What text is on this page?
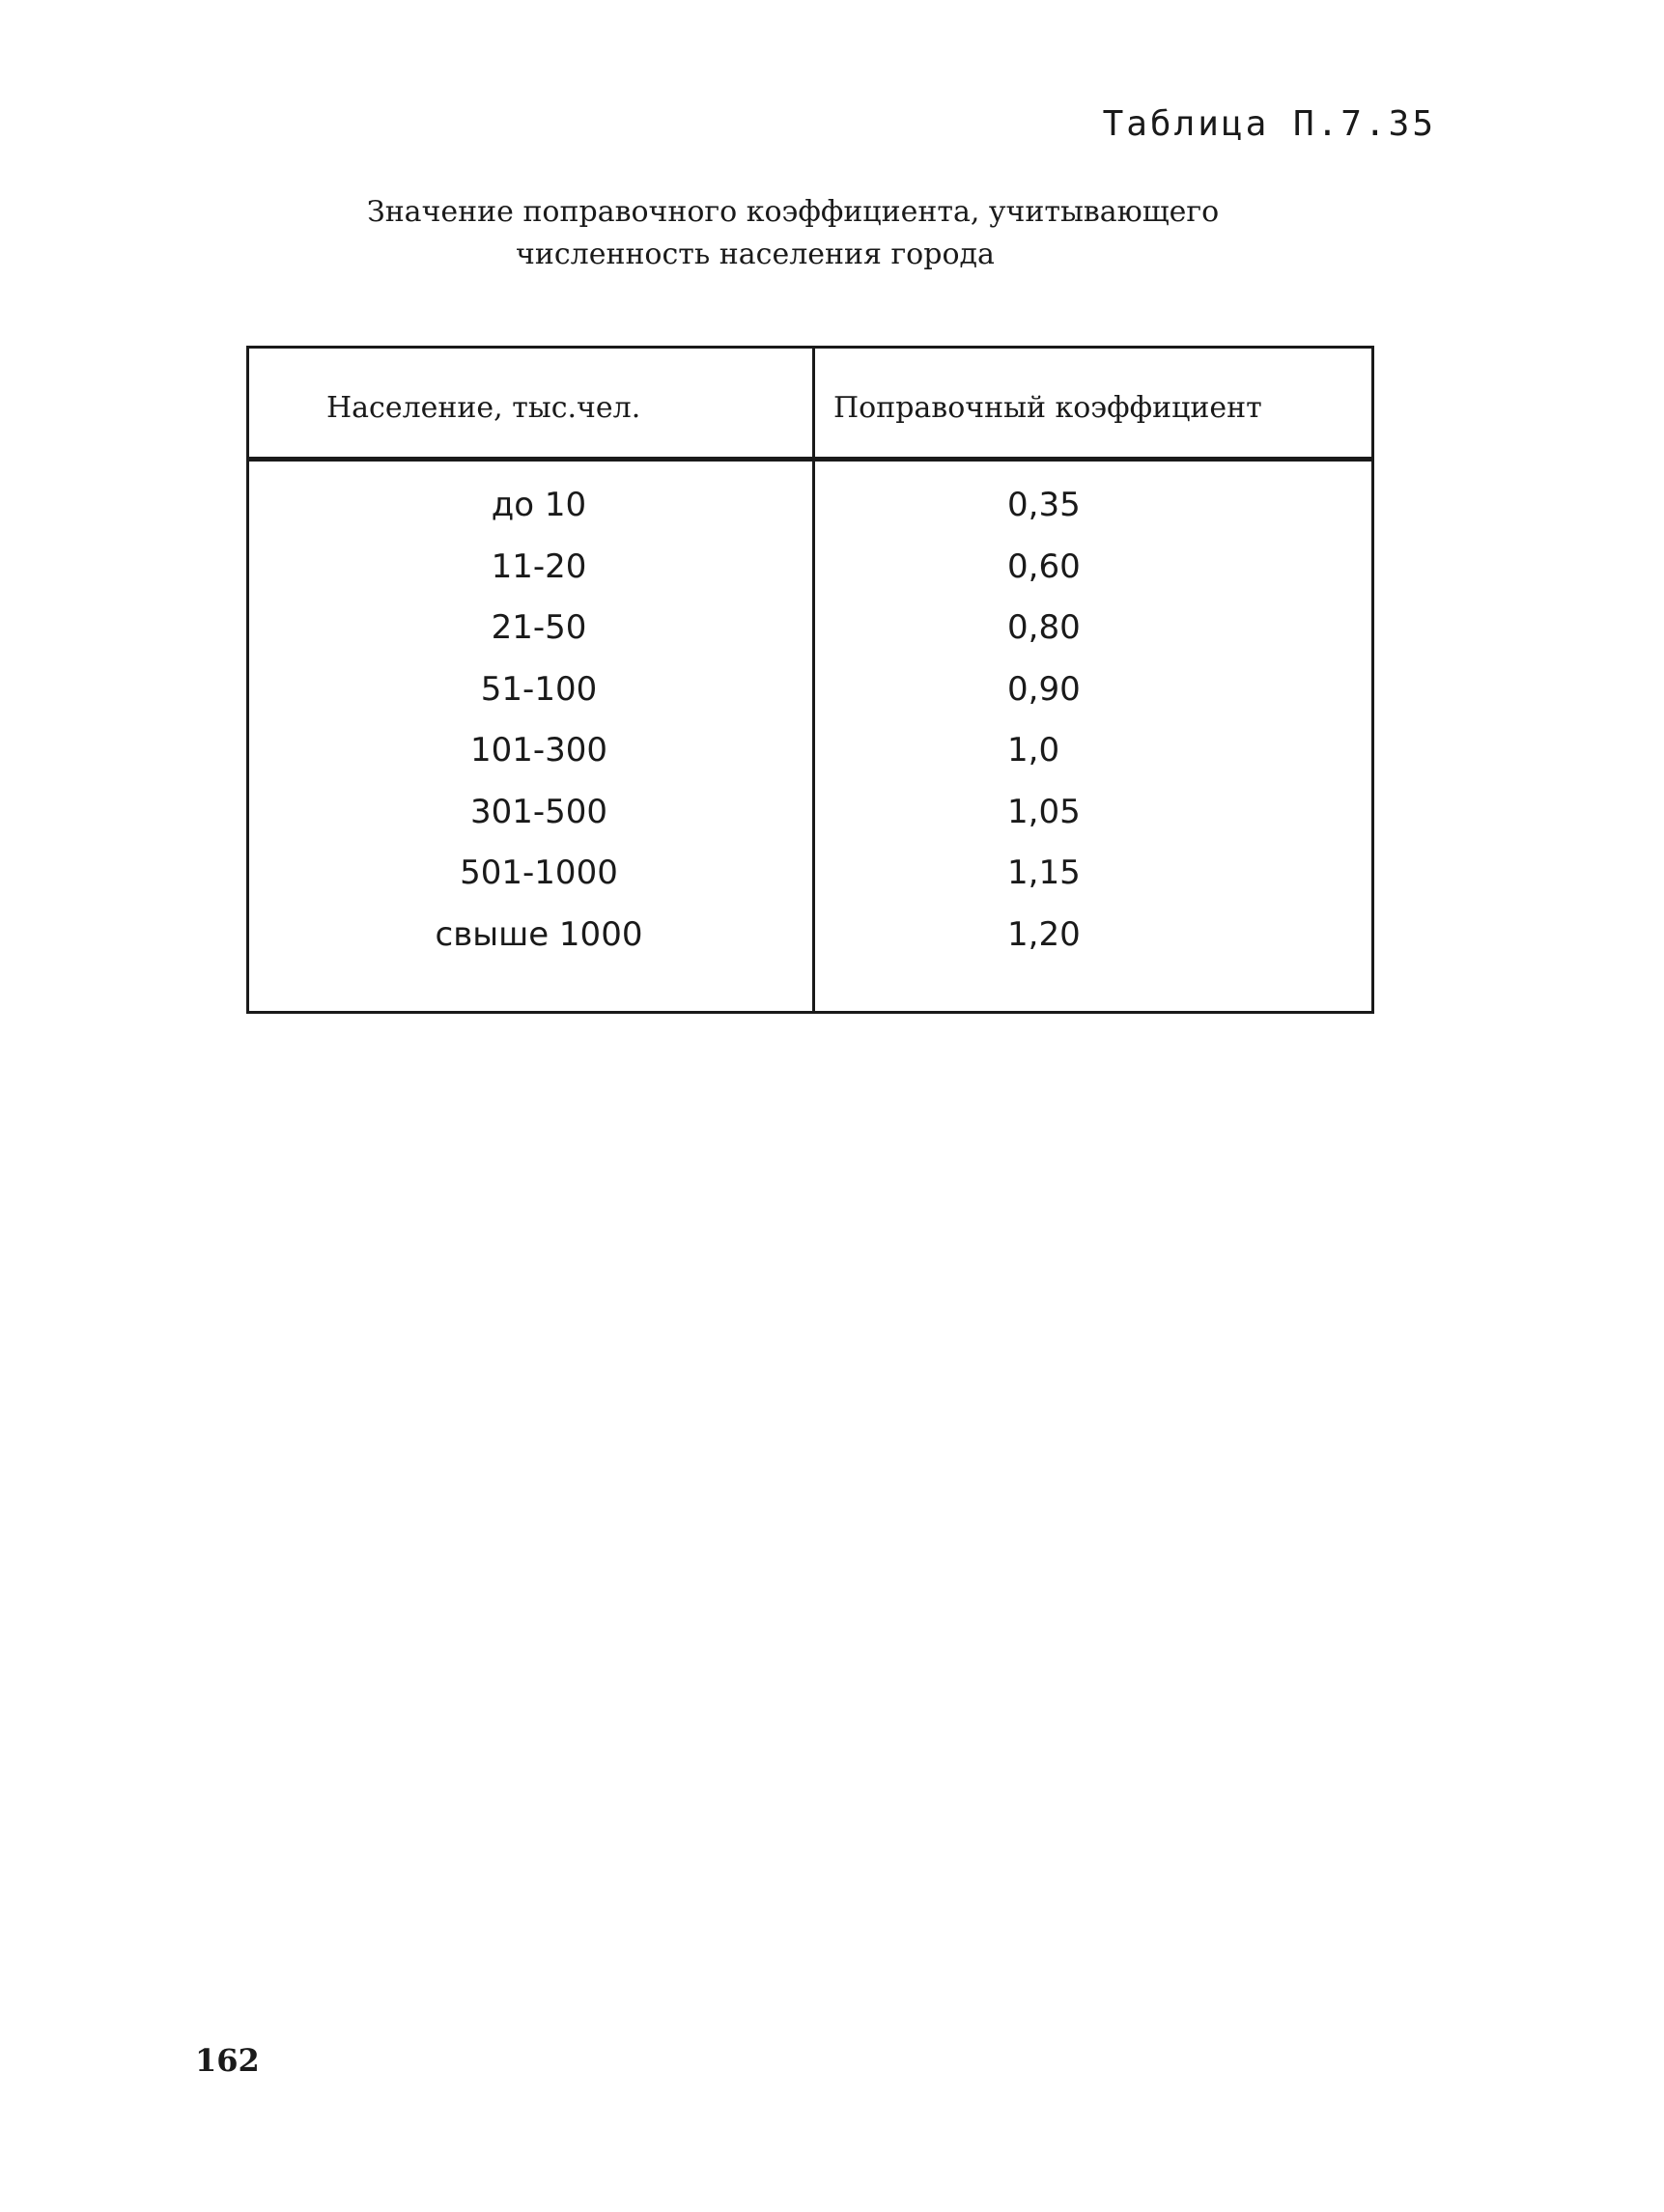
Таблица П.7.35
Значение поправочного коэффициента, учитывающего
численность населения города
Население, тыс.чел.	Поправочный коэффициент
до 10	0,35
11-20	0,60
21-50	0,80
51-100	0,90
101-300	1,0
301-500	1,05
501-1000	1,15
свыше 1000	1,20
162
